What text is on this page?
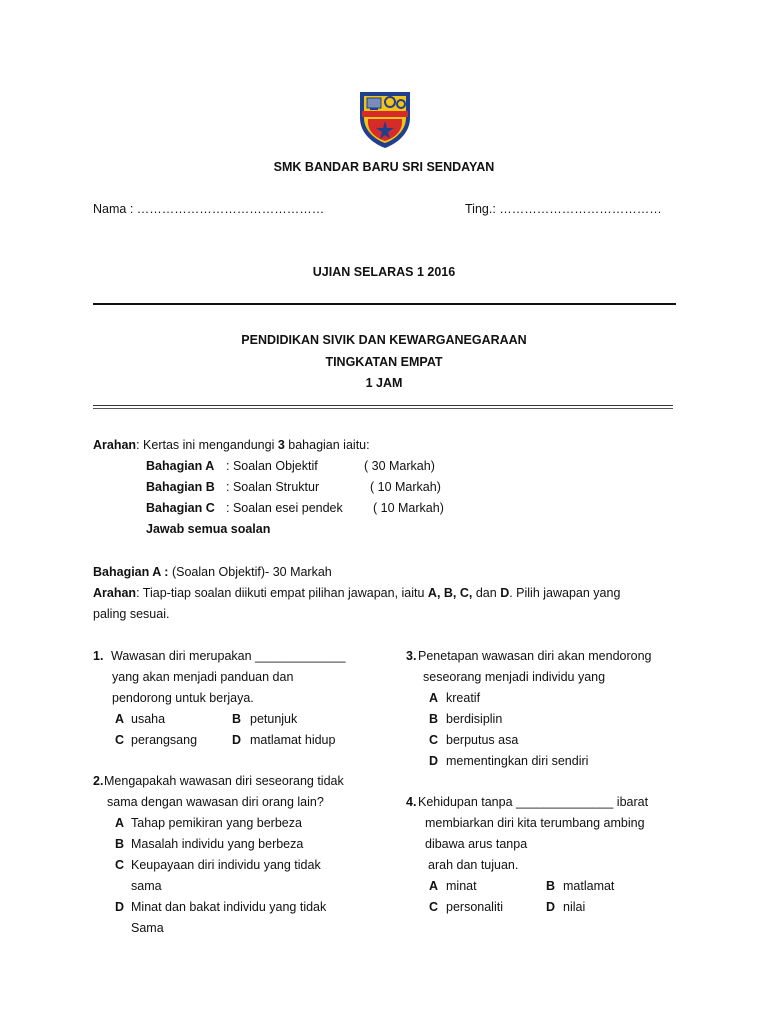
SMK BANDAR BARU SRI SENDAYAN
Nama : ………………………………………	Ting.: …………………………………
UJIAN SELARAS 1 2016
PENDIDIKAN SIVIK DAN KEWARGANEGARAAN
TINGKATAN EMPAT
1 JAM
Arahan: Kertas ini mengandungi 3 bahagian iaitu:
Bahagian A : Soalan Objektif	( 30 Markah)
Bahagian B : Soalan Struktur	( 10 Markah)
Bahagian C : Soalan esei pendek ( 10 Markah)
Jawab semua soalan
Bahagian A : (Soalan Objektif)- 30 Markah
Arahan: Tiap-tiap soalan diikuti empat pilihan jawapan, iaitu A, B, C, dan D. Pilih jawapan yang
paling sesuai.
1. Wawasan diri merupakan _____________
yang akan menjadi panduan dan
pendorong untuk berjaya.
A usaha	B petunjuk
C perangsang	D matlamat hidup
2. Mengapakah wawasan diri seseorang tidak
sama dengan wawasan diri orang lain?
A Tahap pemikiran yang berbeza
B Masalah individu yang berbeza
C Keupayaan diri individu yang tidak
sama
D Minat dan bakat individu yang tidak
Sama
3. Penetapan wawasan diri akan mendorong
seseorang menjadi individu yang
A kreatif
B berdisiplin
C berputus asa
D mementingkan diri sendiri
4. Kehidupan tanpa ______________ ibarat
membiarkan diri kita terumbang ambing
dibawa arus tanpa
arah dan tujuan.
A minat	B matlamat
C personaliti	D nilai
